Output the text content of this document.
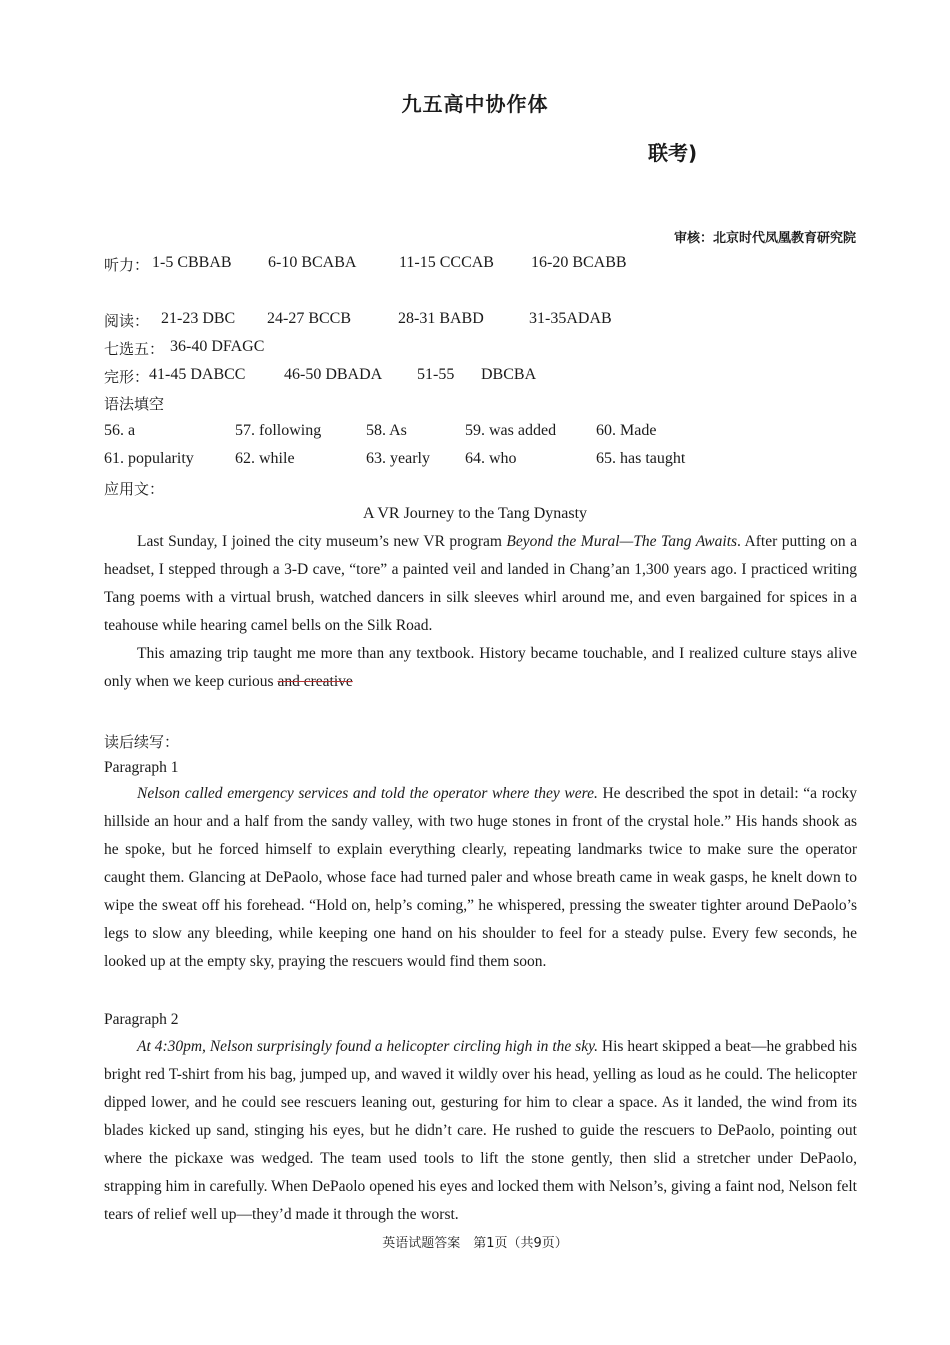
九五高中协作体
联考)
审核：北京时代凤凰教育研究院
听力： 1-5 CBBAB 6-10 BCABA	11-15 CCCAB 16-20 BCABB
阅读： 21-23 DBC 24-27 BCCB	28-31 BABD	31-35ADAB
七选五： 36-40 DFAGC
完形： 41-45 DABCC 46-50 DBADA 51-55 DBCBA
语法填空
56. a	57. following	58. As	59. was added 60. Made
61. popularity	62. while	63. yearly 64. who	65. has taught
应用文：
A VR Journey to the Tang Dynasty

Last Sunday, I joined the city museum’s new VR program Beyond the Mural—The Tang Awaits. After putting on a headset, I stepped through a 3-D cave, “tore” a painted veil and landed in Chang’an 1,300 years ago. I practiced writing Tang poems with a virtual brush, watched dancers in silk sleeves whirl around me, and even bargained for spices in a teahouse while hearing camel bells on the Silk Road.

This amazing trip taught me more than any textbook. History became touchable, and I realized culture stays alive only when we keep curious and creative

读后续写：
Paragraph 1

Nelson called emergency services and told the operator where they were. He described the spot in detail: “a rocky hillside an hour and a half from the sandy valley, with two huge stones in front of the crystal hole.” His hands shook as he spoke, but he forced himself to explain everything clearly, repeating landmarks twice to make sure the operator caught them. Glancing at DePaolo, whose face had turned paler and whose breath came in weak gasps, he knelt down to wipe the sweat off his forehead. “Hold on, help’s coming,” he whispered, pressing the sweater tighter around DePaolo’s legs to slow any bleeding, while keeping one hand on his shoulder to feel for a steady pulse. Every few seconds, he looked up at the empty sky, praying the rescuers would find them soon.

Paragraph 2

At 4:30pm, Nelson surprisingly found a helicopter circling high in the sky. His heart skipped a beat—he grabbed his bright red T-shirt from his bag, jumped up, and waved it wildly over his head, yelling as loud as he could. The helicopter dipped lower, and he could see rescuers leaning out, gesturing for him to clear a space. As it landed, the wind from its blades kicked up sand, stinging his eyes, but he didn’t care. He rushed to guide the rescuers to DePaolo, pointing out where the pickaxe was wedged. The team used tools to lift the stone gently, then slid a stretcher under DePaolo, strapping him in carefully. When DePaolo opened his eyes and locked them with Nelson’s, giving a faint nod, Nelson felt tears of relief well up—they’d made it through the worst.

英语试题答案　第1页（共9页）
